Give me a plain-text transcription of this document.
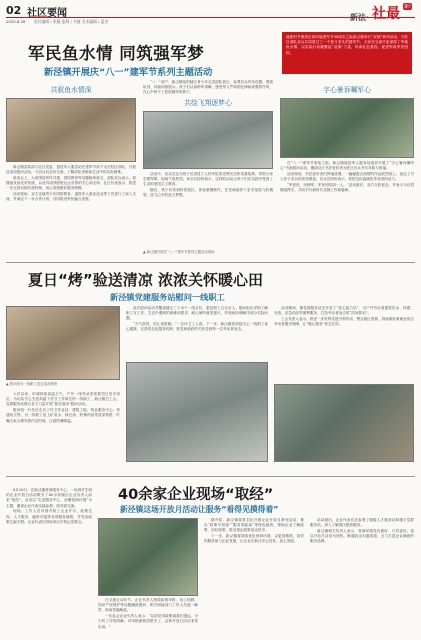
02 社区要闻
2025.8.28 责任编辑 / 张薇 监制 / 韦婕 美术编辑 / 蓝杰	新法· 社最 新!
军民鱼水情 同筑强军梦
新泾镇开展庆“八一”建军节系列主题活动
盛夏时节暑热正浓时值建军节98周年之际新泾镇举行“双拥”系列活动，与驻区部队官兵共同度过了一个意义非凡的建军节，大家在交流中更深厚了军地鱼水情，以实际行动凝聚起“双拥”力量，传承红色基因，促进军政军民团结。
共叙鱼水情深

新泾镇武装部与社区党委、退役军人服务站在建军节前夕走访驻区部队，开展送清凉慰问活动，与官兵们亲切交流，了解部队训练和生活中的实际困难。

座谈会上，大家围绕军民共建、国防教育等话题畅所欲言，部队官兵表示，将继续发扬光荣传统，以优异成绩回报社会各界的关心和支持。社区代表表示，将进一步完善双拥共建机制，用心用情做好服务保障。

活动现场，双方还就青少年国防教育、退役军人就业创业等工作进行了深入交流，并商定下一步合作计划，共同推进军民融合发展。

“八一”前夕，新泾镇组织辖区青少年走进部队营区，参观官兵内务设置，观看队列、体能训练展示。孩子们认真聆听讲解，感受军人严明的纪律和顽强的作风，在心中种下了爱国拥军的种子。

共绘飞翔逐梦心

活动中，官兵们还为孩子们讲述了人民军队的光辉历史和英雄故事，带领大家学唱军歌，现场气氛热烈。家长们纷纷表示，这样的活动让孩子们在实践中受到了生动的爱国主义教育。

随后，孩子们来到科普展区，体验航模制作，在老师指导下亲手组装飞机模型，放飞心中的蓝天梦想。

字心暑诉嘱军心

在“八一”建军节来临之际，新泾镇退役军人服务站组织开展了“字心暑诉嘱军心”书画慰问活动，邀请社区书法爱好者为驻区官兵书写对联与祝福。

活动现场，书法爱好者们挥毫泼墨，一幅幅饱含深情的作品跃然纸上，表达了对人民子弟兵的崇高敬意。官兵们纷纷表示，将把这份温暖化作前进的动力。

“军爱民，民拥军，军民团结如一人。”活动最后，双方合影留念，并表示今后将继续携手，共同书写新时代双拥工作新篇章。

▲ 新泾镇开展庆“八一”建军节系列主题活动现场
夏日“烤”验送清凉 浓浓关怀暖心田
新泾镇党建服务站慰问一线职工
▲ 慰问组为一线职工送去清凉物资

入伏以来，申城持续高温天气，户外一线劳动者顶着烈日坚守岗位。为切实关心关爱高温下坚守工作岗位的一线职工，新泾镇总工会、党群服务站联合各方力量开展“夏送清凉”慰问活动。

慰问组一行先后走访了环卫作业站、建筑工地、物业服务中心、快递站点等，为一线职工送上矿泉水、绿豆汤、防暑药品等清凉物资，叮嘱大家合理安排作息时间，注意防暑降温。

此次慰问活动共覆盖辖区三十余个一线点位，惠及职工五百余人。慰问组还详细了解职工在工作、生活中遇到的困难和需求，耐心倾听意见建议，并现场协调解决部分实际问题。

“天气虽热，但心里很暖。”一位环卫工人说。下一步，新泾镇将持续关心一线职工身心健康，完善常态化服务机制，把党和政府的关怀送到每一位劳动者身边。

活动期间，镇党群服务站还开放了“爱心接力站”，为户外劳动者提供饮水、休憩、充电、应急药品等便利服务，打造劳动者身边的“清凉驿站”。

工会负责人表示，将进一步发挥党建引领作用，整合辖区资源，持续做好新就业形态劳动者服务保障，让“暖心服务”常态长效。

40余家企业现场“取经”
新泾镇这场开放月活动让服务“看得见摸得着”

8月26日，在新泾镇营商服务中心，一场别开生面的企业开放日活动吸引了40余家辖区企业负责人前来“取经”。活动以“走进服务中心，读懂营商环境”为主题，邀请企业代表实地参观、面对面交流。

现场，工作人员详细介绍了企业开办、政策兑现、人才服务、融资对接等各项服务流程，并发放政策汇编手册。企业代表们纷纷拿出手机记录要点。

在交流互动环节，企业负责人围绕政策申报、用工招聘、知识产权保护等话题踊跃提问，相关职能部门工作人员逐一解答，现场答疑解惑。

一位参会企业负责人表示：“以前觉得政策离我们很远，今天听了详细讲解，对申报流程清楚多了，这种开放日活动非常实用。”

据介绍，新泾镇将常态化开展企业开放月系列活动，推出“政策早知道”“服务零距离”等特色板块，帮助企业了解政策、用好政策，推动惠企政策直达快享。

下一步，新泾镇将持续优化营商环境，以更加精准、高效的服务助力企业发展，让企业在新泾安心经营、放心发展。

活动最后，企业代表们还参观了镇级人才服务站和楼宇党群服务站，深入了解园区配套服务。

新泾镇相关负责人表示，营商环境没有最好，只有更好。将以开放月活动为契机，畅通政企沟通渠道，全力打造企业满意的服务品牌。
